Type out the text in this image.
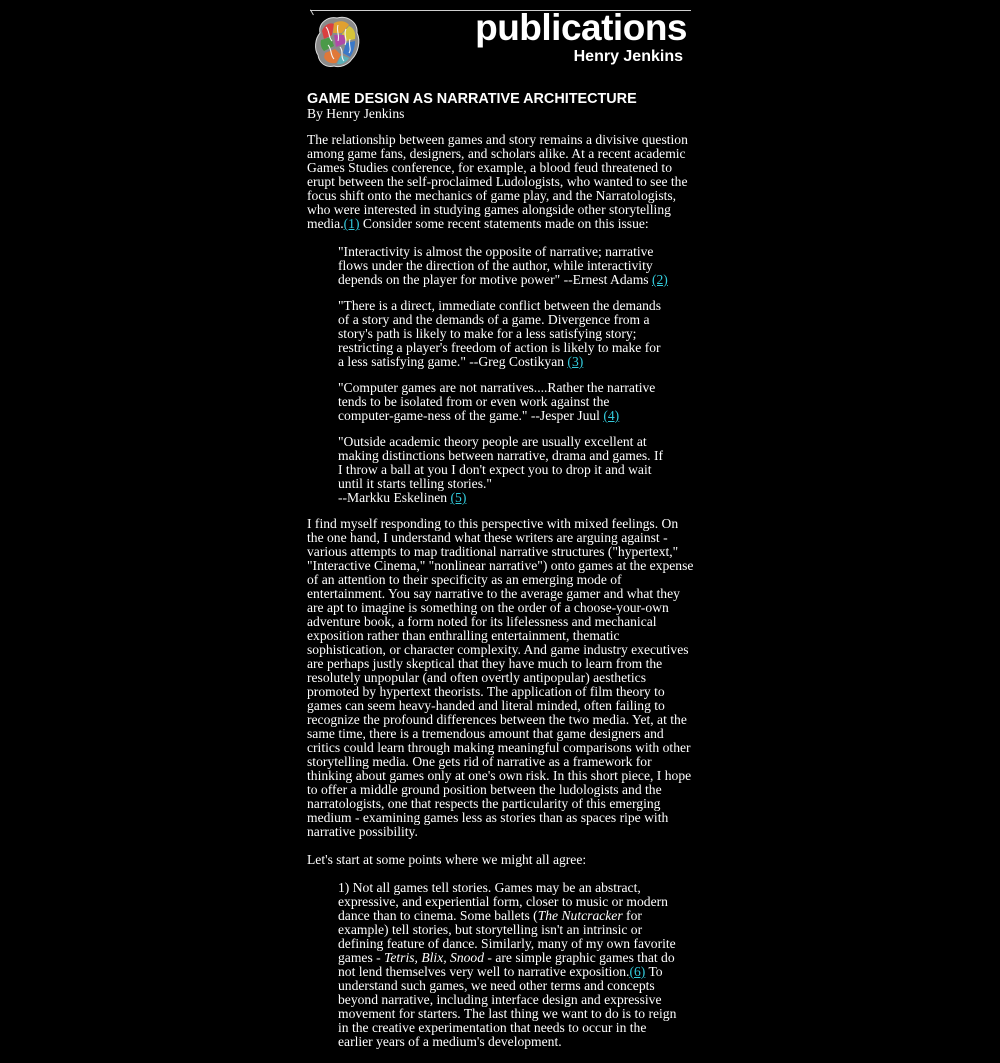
publications
Henry Jenkins
GAME DESIGN AS NARRATIVE ARCHITECTURE
By Henry Jenkins

The relationship between games and story remains a divisive question among game fans, designers, and scholars alike. At a recent academic Games Studies conference, for example, a blood feud threatened to erupt between the self-proclaimed Ludologists, who wanted to see the focus shift onto the mechanics of game play, and the Narratologists, who were interested in studying games alongside other storytelling media.(1) Consider some recent statements made on this issue:

"Interactivity is almost the opposite of narrative; narrative flows under the direction of the author, while interactivity depends on the player for motive power" --Ernest Adams (2)
"There is a direct, immediate conflict between the demands of a story and the demands of a game. Divergence from a story's path is likely to make for a less satisfying story; restricting a player's freedom of action is likely to make for a less satisfying game." --Greg Costikyan (3)
"Computer games are not narratives....Rather the narrative tends to be isolated from or even work against the computer-game-ness of the game." --Jesper Juul (4)
"Outside academic theory people are usually excellent at making distinctions between narrative, drama and games. If I throw a ball at you I don't expect you to drop it and wait until it starts telling stories."
--Markku Eskelinen (5)

I find myself responding to this perspective with mixed feelings. On the one hand, I understand what these writers are arguing against - various attempts to map traditional narrative structures ("hypertext," "Interactive Cinema," "nonlinear narrative") onto games at the expense of an attention to their specificity as an emerging mode of entertainment. You say narrative to the average gamer and what they are apt to imagine is something on the order of a choose-your-own adventure book, a form noted for its lifelessness and mechanical exposition rather than enthralling entertainment, thematic sophistication, or character complexity. And game industry executives are perhaps justly skeptical that they have much to learn from the resolutely unpopular (and often overtly antipopular) aesthetics promoted by hypertext theorists. The application of film theory to games can seem heavy-handed and literal minded, often failing to recognize the profound differences between the two media. Yet, at the same time, there is a tremendous amount that game designers and critics could learn through making meaningful comparisons with other storytelling media. One gets rid of narrative as a framework for thinking about games only at one's own risk. In this short piece, I hope to offer a middle ground position between the ludologists and the narratologists, one that respects the particularity of this emerging medium - examining games less as stories than as spaces ripe with narrative possibility.

Let's start at some points where we might all agree:

1) Not all games tell stories. Games may be an abstract, expressive, and experiential form, closer to music or modern dance than to cinema. Some ballets (The Nutcracker for example) tell stories, but storytelling isn't an intrinsic or defining feature of dance. Similarly, many of my own favorite games - Tetris, Blix, Snood - are simple graphic games that do not lend themselves very well to narrative exposition.(6) To understand such games, we need other terms and concepts beyond narrative, including interface design and expressive movement for starters. The last thing we want to do is to reign in the creative experimentation that needs to occur in the earlier years of a medium's development.
